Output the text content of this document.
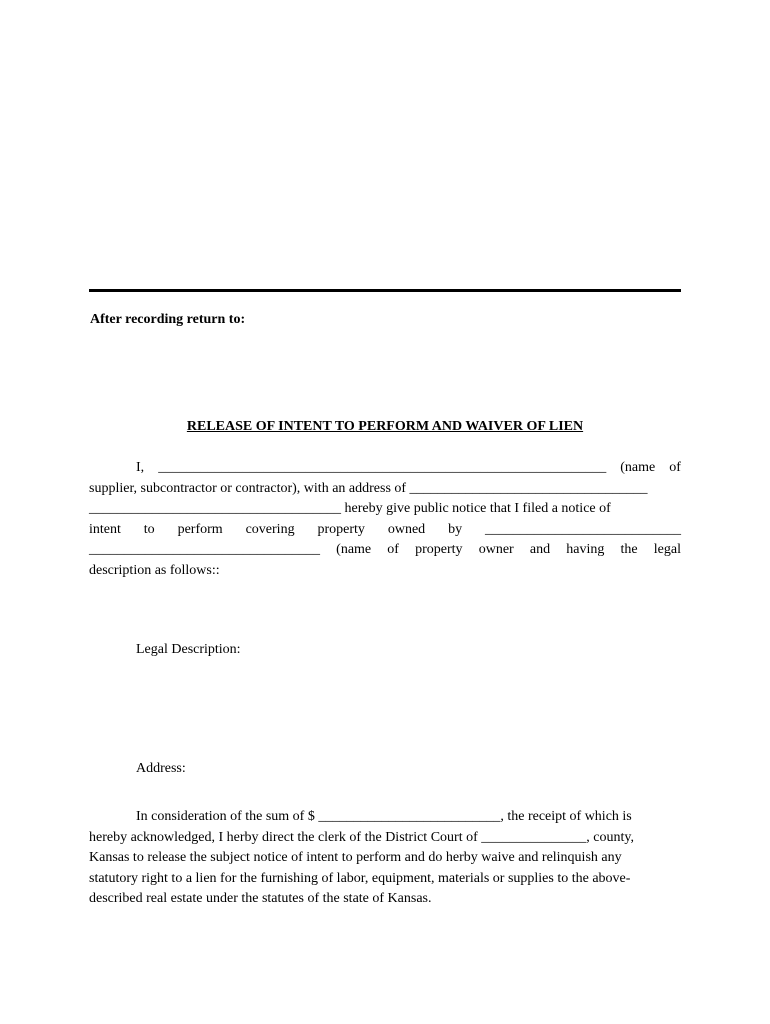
After recording return to:
RELEASE OF INTENT TO PERFORM AND WAIVER OF LIEN
I, ________________________________________________________________ (name of
supplier, subcontractor or contractor), with an address of __________________________________
____________________________________ hereby give public notice that I filed a notice of
intent to perform covering property owned by ____________________________
_________________________________ (name of property owner and having the legal
description as follows::
Legal Description:
Address:
In consideration of the sum of $ __________________________, the receipt of which is
hereby acknowledged, I herby direct the clerk of the District Court of _______________, county,
Kansas to release the subject notice of intent to perform and do herby waive and relinquish any
statutory right to a lien for the furnishing of labor, equipment, materials or supplies to the above-
described real estate under the statutes of the state of Kansas.
